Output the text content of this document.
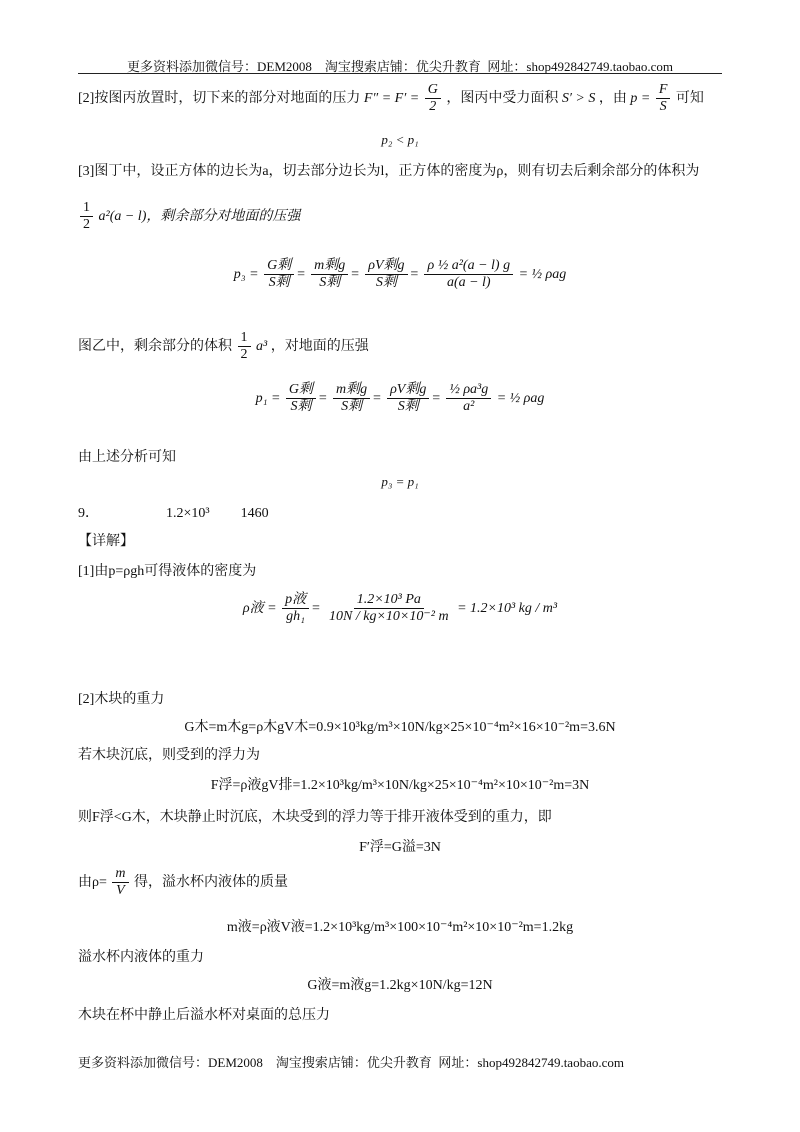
更多资料添加微信号：DEM2008    淘宝搜索店铺：优尖升教育  网址：shop492842749.taobao.com
[2]按图丙放置时，切下来的部分对地面的压力 $F'' = F' = \frac{G}{2}$ ，图丙中受力面积 S′ > S ，由 $p = \frac{F}{S}$ 可知
p₂ < p₁
[3]图丁中，设正方体的边长为a，切去部分边长为l，正方体的密度为ρ，则有切去后剩余部分的体积为
$\frac{1}{2} a^2(a - l)$，剩余部分对地面的压强
$p_3 = \frac{\text{G剩}}{\text{S剩}} = \frac{\text{m剩g}}{\text{S剩}} = \frac{\text{ρV剩g}}{\text{S剩}} = \frac{\text{ρ ½ a²(a − l) g}}{a(a - l)}$ = ½ ρag
图乙中，剩余部分的体积 $\frac{1}{2} a^3$ ，对地面的压强
$p_1 = \frac{\text{G剩}}{\text{S剩}} = \frac{\text{m剩g}}{\text{S剩}} = \frac{\text{ρV剩g}}{\text{S剩}} = \frac{\text{½ ρa³g}}{\text{a²}}$ = ½ ρag
由上述分析可知
p₃ = p₁
9．	1.2×10³ 1460
【详解】
[1]由p=ρgh可得液体的密度为
ρ液 = $\frac{\text{p液}}{\text{gh₁}} = \frac{\text{1.2×10³ Pa}}{\text{10N / kg×10×10⁻² m}} = 1.2\times 10^3$ kg / m³
[2]木块的重力
G木=m木g=ρ木gV木=0.9×10³kg/m³×10N/kg×25×10⁻⁴m²×16×10⁻²m=3.6N
若木块沉底，则受到的浮力为
F浮=ρ液gV排=1.2×10³kg/m³×10N/kg×25×10⁻⁴m²×10×10⁻²m=3N
则F浮<G木，木块静止时沉底，木块受到的浮力等于排开液体受到的重力，即
F′浮=G溢=3N
由$\rho= \frac{m}{V}$ 得，溢水杯内液体的质量
m液=ρ液V液=1.2×10³kg/m³×100×10⁻⁴m²×10×10⁻²m=1.2kg
溢水杯内液体的重力
G液=m液g=1.2kg×10N/kg=12N
木块在杯中静止后溢水杯对桌面的总压力
更多资料添加微信号：DEM2008    淘宝搜索店铺：优尖升教育  网址：shop492842749.taobao.com
